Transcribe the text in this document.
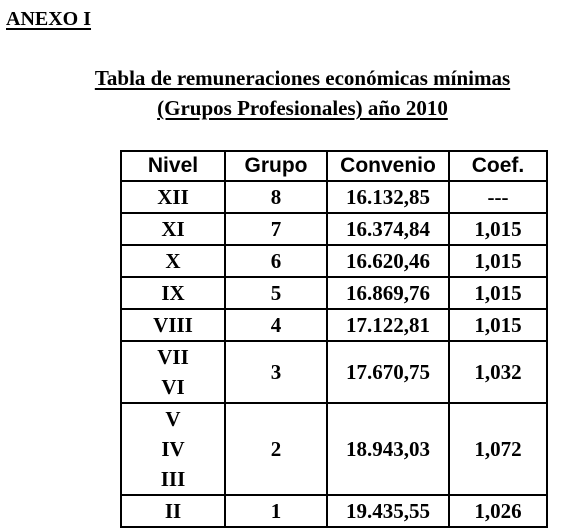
ANEXO I
Tabla de remuneraciones económicas mínimas
(Grupos Profesionales) año 2010
Nivel	Grupo	Convenio	Coef.

XII	8	16.132,85	---

XI	7	16.374,84	1,015

X	6	16.620,46	1,015

IX	5	16.869,76	1,015

VIII	4	17.122,81	1,015

VII
VI	3	17.670,75	1,032

V
IV
III	2	18.943,03	1,072

II	1	19.435,55	1,026
